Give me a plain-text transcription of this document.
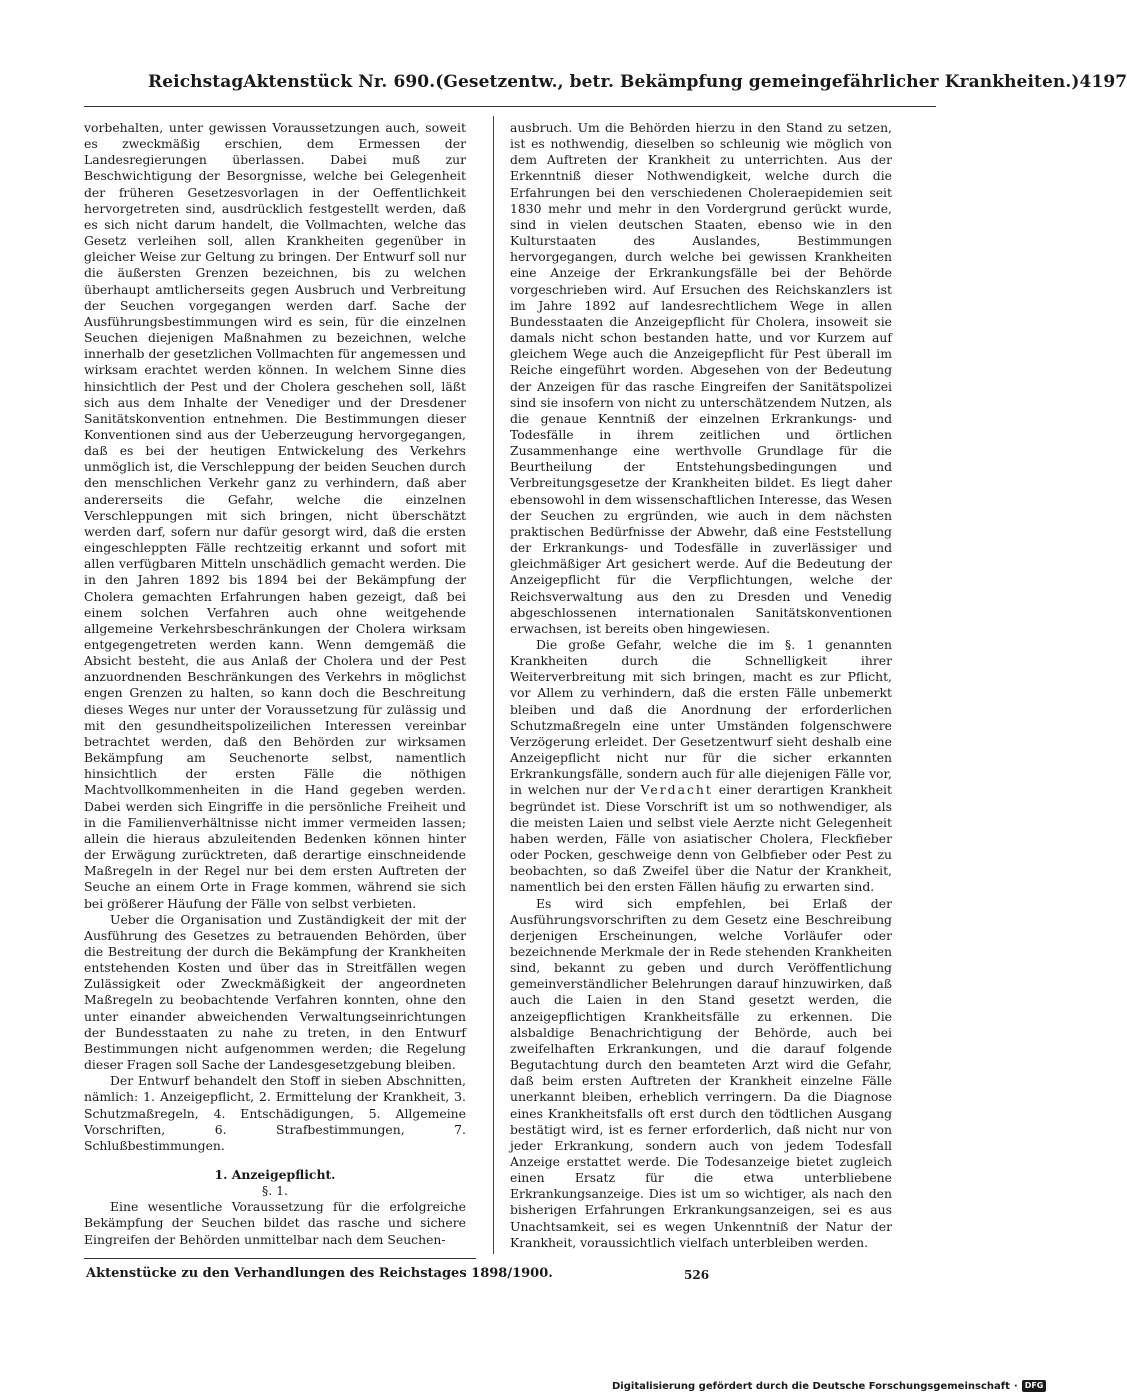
Reichstag Aktenstück Nr. 690. (Gesetzentw., betr. Bekämpfung gemeingefährlicher Krankheiten.) 4197

vorbehalten, unter gewissen Voraussetzungen auch, soweit es zweckmäßig erschien, dem Ermessen der Landesregierungen überlassen. Dabei muß zur Beschwichtigung der Besorgnisse, welche bei Gelegenheit der früheren Gesetzesvorlagen in der Oeffentlichkeit hervorgetreten sind, ausdrücklich festgestellt werden, daß es sich nicht darum handelt, die Vollmachten, welche das Gesetz verleihen soll, allen Krankheiten gegenüber in gleicher Weise zur Geltung zu bringen. Der Entwurf soll nur die äußersten Grenzen bezeichnen, bis zu welchen überhaupt amtlicherseits gegen Ausbruch und Verbreitung der Seuchen vorgegangen werden darf. Sache der Ausführungsbestimmungen wird es sein, für die einzelnen Seuchen diejenigen Maßnahmen zu bezeichnen, welche innerhalb der gesetzlichen Vollmachten für angemessen und wirksam erachtet werden können. In welchem Sinne dies hinsichtlich der Pest und der Cholera geschehen soll, läßt sich aus dem Inhalte der Venediger und der Dresdener Sanitätskonvention entnehmen. Die Bestimmungen dieser Konventionen sind aus der Ueberzeugung hervorgegangen, daß es bei der heutigen Entwickelung des Verkehrs unmöglich ist, die Verschleppung der beiden Seuchen durch den menschlichen Verkehr ganz zu verhindern, daß aber andererseits die Gefahr, welche die einzelnen Verschleppungen mit sich bringen, nicht überschätzt werden darf, sofern nur dafür gesorgt wird, daß die ersten eingeschleppten Fälle rechtzeitig erkannt und sofort mit allen verfügbaren Mitteln unschädlich gemacht werden. Die in den Jahren 1892 bis 1894 bei der Bekämpfung der Cholera gemachten Erfahrungen haben gezeigt, daß bei einem solchen Verfahren auch ohne weitgehende allgemeine Verkehrsbeschränkungen der Cholera wirksam entgegengetreten werden kann. Wenn demgemäß die Absicht besteht, die aus Anlaß der Cholera und der Pest anzuordnenden Beschränkungen des Verkehrs in möglichst engen Grenzen zu halten, so kann doch die Beschreitung dieses Weges nur unter der Voraussetzung für zulässig und mit den gesundheitspolizeilichen Interessen vereinbar betrachtet werden, daß den Behörden zur wirksamen Bekämpfung am Seuchenorte selbst, namentlich hinsichtlich der ersten Fälle die nöthigen Machtvollkommenheiten in die Hand gegeben werden. Dabei werden sich Eingriffe in die persönliche Freiheit und in die Familienverhältnisse nicht immer vermeiden lassen; allein die hieraus abzuleitenden Bedenken können hinter der Erwägung zurücktreten, daß derartige einschneidende Maßregeln in der Regel nur bei dem ersten Auftreten der Seuche an einem Orte in Frage kommen, während sie sich bei größerer Häufung der Fälle von selbst verbieten.

Ueber die Organisation und Zuständigkeit der mit der Ausführung des Gesetzes zu betrauenden Behörden, über die Bestreitung der durch die Bekämpfung der Krankheiten entstehenden Kosten und über das in Streitfällen wegen Zulässigkeit oder Zweckmäßigkeit der angeordneten Maßregeln zu beobachtende Verfahren konnten, ohne den unter einander abweichenden Verwaltungseinrichtungen der Bundesstaaten zu nahe zu treten, in den Entwurf Bestimmungen nicht aufgenommen werden; die Regelung dieser Fragen soll Sache der Landesgesetzgebung bleiben.

Der Entwurf behandelt den Stoff in sieben Abschnitten, nämlich: 1. Anzeigepflicht, 2. Ermittelung der Krankheit, 3. Schutzmaßregeln, 4. Entschädigungen, 5. Allgemeine Vorschriften, 6. Strafbestimmungen, 7. Schlußbestimmungen.

1. Anzeigepflicht.

§. 1.

Eine wesentliche Voraussetzung für die erfolgreiche Bekämpfung der Seuchen bildet das rasche und sichere Eingreifen der Behörden unmittelbar nach dem Seuchen-

ausbruch. Um die Behörden hierzu in den Stand zu setzen, ist es nothwendig, dieselben so schleunig wie möglich von dem Auftreten der Krankheit zu unterrichten. Aus der Erkenntniß dieser Nothwendigkeit, welche durch die Erfahrungen bei den verschiedenen Choleraepidemien seit 1830 mehr und mehr in den Vordergrund gerückt wurde, sind in vielen deutschen Staaten, ebenso wie in den Kulturstaaten des Auslandes, Bestimmungen hervorgegangen, durch welche bei gewissen Krankheiten eine Anzeige der Erkrankungsfälle bei der Behörde vorgeschrieben wird. Auf Ersuchen des Reichskanzlers ist im Jahre 1892 auf landesrechtlichem Wege in allen Bundesstaaten die Anzeigepflicht für Cholera, insoweit sie damals nicht schon bestanden hatte, und vor Kurzem auf gleichem Wege auch die Anzeigepflicht für Pest überall im Reiche eingeführt worden. Abgesehen von der Bedeutung der Anzeigen für das rasche Eingreifen der Sanitätspolizei sind sie insofern von nicht zu unterschätzendem Nutzen, als die genaue Kenntniß der einzelnen Erkrankungs- und Todesfälle in ihrem zeitlichen und örtlichen Zusammenhange eine werthvolle Grundlage für die Beurtheilung der Entstehungsbedingungen und Verbreitungsgesetze der Krankheiten bildet. Es liegt daher ebensowohl in dem wissenschaftlichen Interesse, das Wesen der Seuchen zu ergründen, wie auch in dem nächsten praktischen Bedürfnisse der Abwehr, daß eine Feststellung der Erkrankungs- und Todesfälle in zuverlässiger und gleichmäßiger Art gesichert werde. Auf die Bedeutung der Anzeigepflicht für die Verpflichtungen, welche der Reichsverwaltung aus den zu Dresden und Venedig abgeschlossenen internationalen Sanitätskonventionen erwachsen, ist bereits oben hingewiesen.

Die große Gefahr, welche die im §. 1 genannten Krankheiten durch die Schnelligkeit ihrer Weiterverbreitung mit sich bringen, macht es zur Pflicht, vor Allem zu verhindern, daß die ersten Fälle unbemerkt bleiben und daß die Anordnung der erforderlichen Schutzmaßregeln eine unter Umständen folgenschwere Verzögerung erleidet. Der Gesetzentwurf sieht deshalb eine Anzeigepflicht nicht nur für die sicher erkannten Erkrankungsfälle, sondern auch für alle diejenigen Fälle vor, in welchen nur der Verdacht einer derartigen Krankheit begründet ist. Diese Vorschrift ist um so nothwendiger, als die meisten Laien und selbst viele Aerzte nicht Gelegenheit haben werden, Fälle von asiatischer Cholera, Fleckfieber oder Pocken, geschweige denn von Gelbfieber oder Pest zu beobachten, so daß Zweifel über die Natur der Krankheit, namentlich bei den ersten Fällen häufig zu erwarten sind.

Es wird sich empfehlen, bei Erlaß der Ausführungsvorschriften zu dem Gesetz eine Beschreibung derjenigen Erscheinungen, welche Vorläufer oder bezeichnende Merkmale der in Rede stehenden Krankheiten sind, bekannt zu geben und durch Veröffentlichung gemeinverständlicher Belehrungen darauf hinzuwirken, daß auch die Laien in den Stand gesetzt werden, die anzeigepflichtigen Krankheitsfälle zu erkennen. Die alsbaldige Benachrichtigung der Behörde, auch bei zweifelhaften Erkrankungen, und die darauf folgende Begutachtung durch den beamteten Arzt wird die Gefahr, daß beim ersten Auftreten der Krankheit einzelne Fälle unerkannt bleiben, erheblich verringern. Da die Diagnose eines Krankheitsfalls oft erst durch den tödtlichen Ausgang bestätigt wird, ist es ferner erforderlich, daß nicht nur von jeder Erkrankung, sondern auch von jedem Todesfall Anzeige erstattet werde. Die Todesanzeige bietet zugleich einen Ersatz für die etwa unterbliebene Erkrankungsanzeige. Dies ist um so wichtiger, als nach den bisherigen Erfahrungen Erkrankungsanzeigen, sei es aus Unachtsamkeit, sei es wegen Unkenntniß der Natur der Krankheit, voraussichtlich vielfach unterbleiben werden.

Aktenstücke zu den Verhandlungen des Reichstages 1898/1900.	526
Digitalisierung gefördert durch die Deutsche Forschungsgemeinschaft · DFG
